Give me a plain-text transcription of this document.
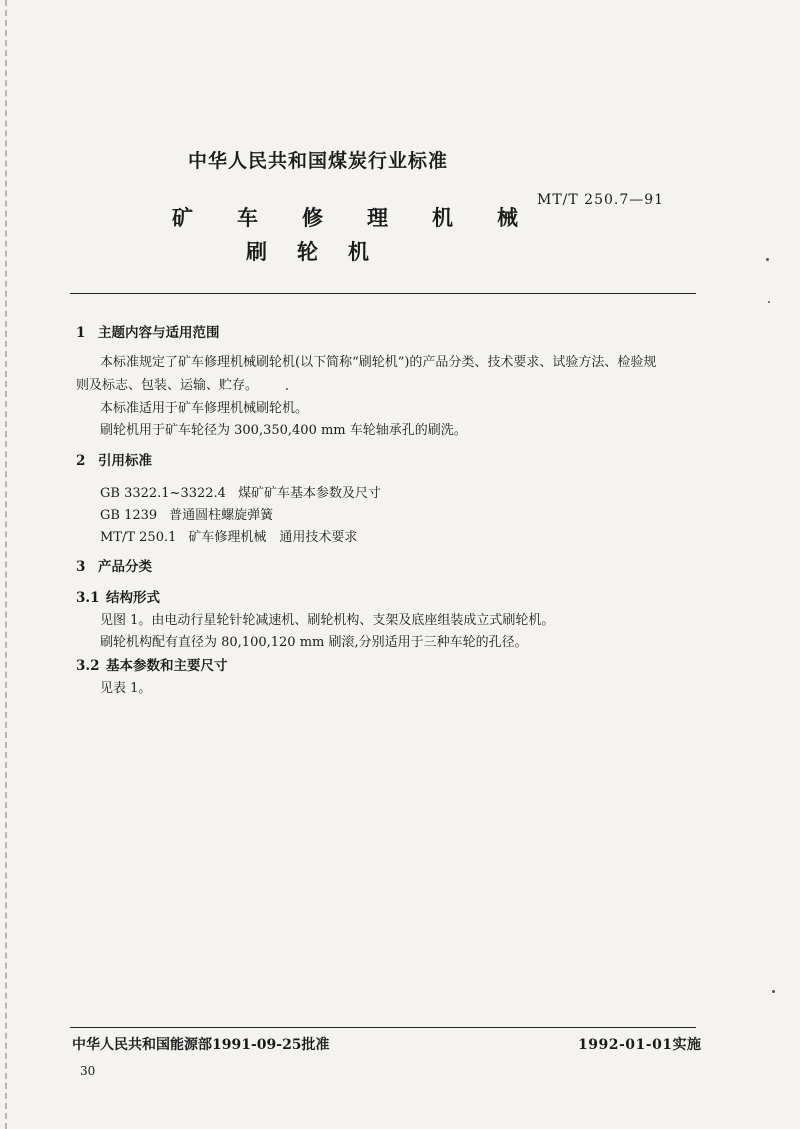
中华人民共和国煤炭行业标准
MT/T 250.7—91
矿车修理机械
刷轮机
1 主题内容与适用范围
本标准规定了矿车修理机械刷轮机(以下简称“刷轮机”)的产品分类、技术要求、试验方法、检验规
则及标志、包装、运输、贮存。
本标准适用于矿车修理机械刷轮机。
刷轮机用于矿车轮径为 300,350,400 mm 车轮轴承孔的刷洗。
2 引用标准
GB 3322.1~3322.4 煤矿矿车基本参数及尺寸
GB 1239 普通圆柱螺旋弹簧
MT/T 250.1 矿车修理机械　通用技术要求
3 产品分类
3.1 结构形式
见图 1。由电动行星轮针轮减速机、刷轮机构、支架及底座组装成立式刷轮机。
刷轮机构配有直径为 80,100,120 mm 刷滚,分别适用于三种车轮的孔径。
3.2 基本参数和主要尺寸
见表 1。
中华人民共和国能源部1991-09-25批准	1992-01-01实施
30
